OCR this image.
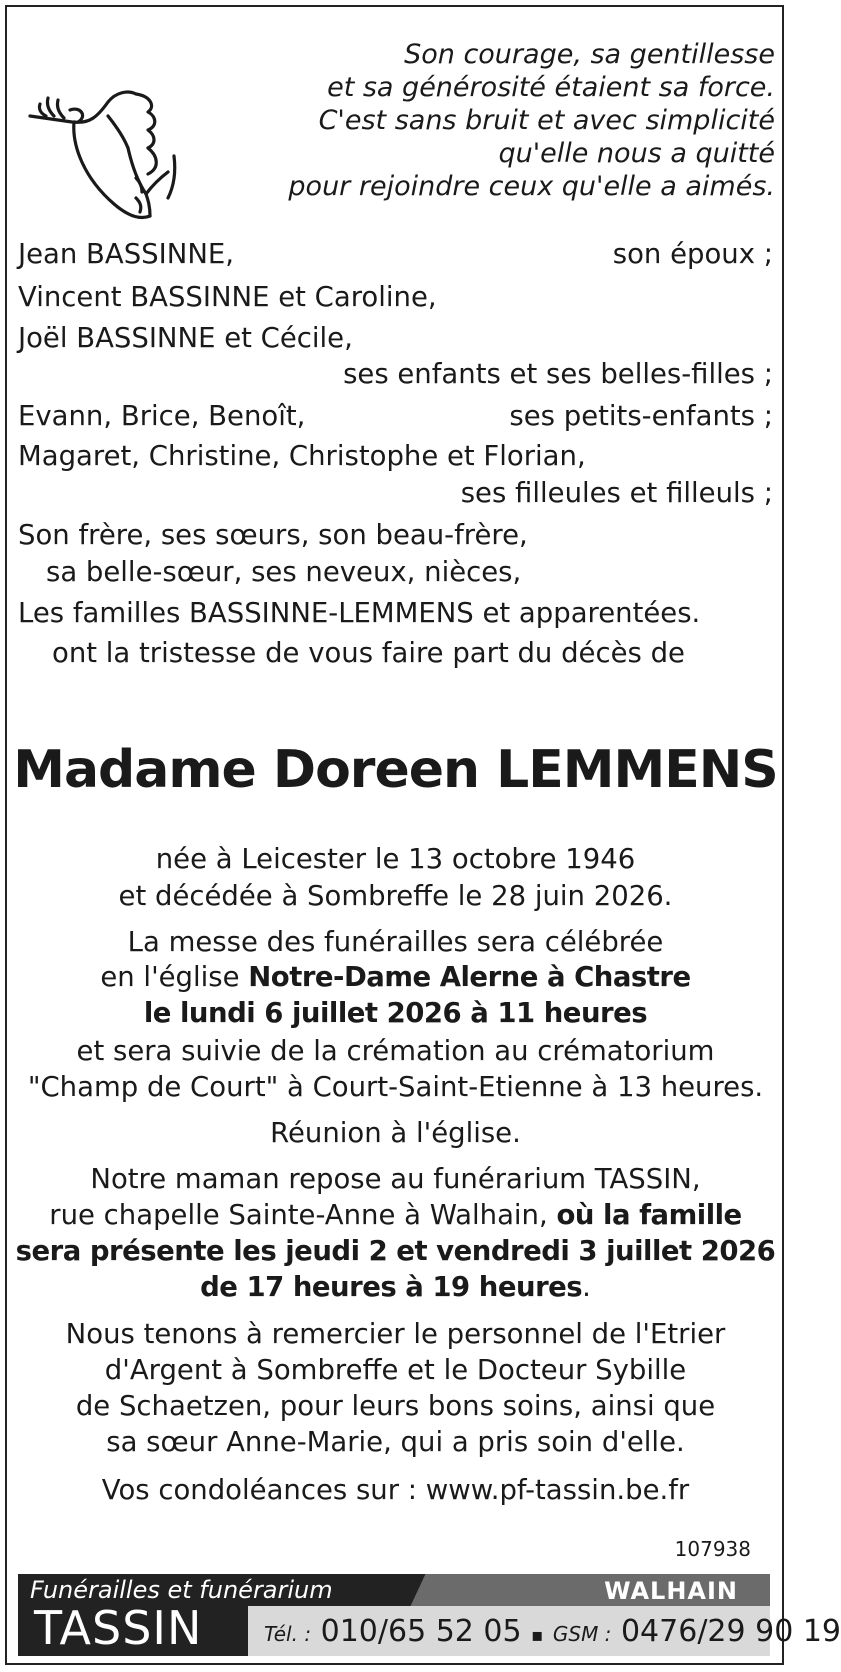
Son courage, sa gentillesse
et sa générosité étaient sa force.
C'est sans bruit et avec simplicité
qu'elle nous a quitté
pour rejoindre ceux qu'elle a aimés.
Jean BASSINNE,	son époux ;
Vincent BASSINNE et Caroline,
Joël BASSINNE et Cécile,
ses enfants et ses belles-filles ;
Evann, Brice, Benoît,	ses petits-enfants ;
Magaret, Christine, Christophe et Florian,
ses filleules et filleuls ;
Son frère, ses sœurs, son beau-frère,
sa belle-sœur, ses neveux, nièces,
Les familles BASSINNE-LEMMENS et apparentées.
ont la tristesse de vous faire part du décès de
Madame Doreen LEMMENS
née à Leicester le 13 octobre 1946
et décédée à Sombreffe le 28 juin 2026.
La messe des funérailles sera célébrée
en l'église Notre-Dame Alerne à Chastre
le lundi 6 juillet 2026 à 11 heures
et sera suivie de la crémation au crématorium
"Champ de Court" à Court-Saint-Etienne à 13 heures.
Réunion à l'église.
Notre maman repose au funérarium TASSIN,
rue chapelle Sainte-Anne à Walhain, où la famille
sera présente les jeudi 2 et vendredi 3 juillet 2026
de 17 heures à 19 heures.
Nous tenons à remercier le personnel de l'Etrier
d'Argent à Sombreffe et le Docteur Sybille
de Schaetzen, pour leurs bons soins, ainsi que
sa sœur Anne-Marie, qui a pris soin d'elle.
Vos condoléances sur : www.pf-tassin.be.fr
107938
Funérailles et funérarium	WALHAIN
TASSIN	Tél. : 010/65 52 05 ▪ GSM : 0476/29 90 19
